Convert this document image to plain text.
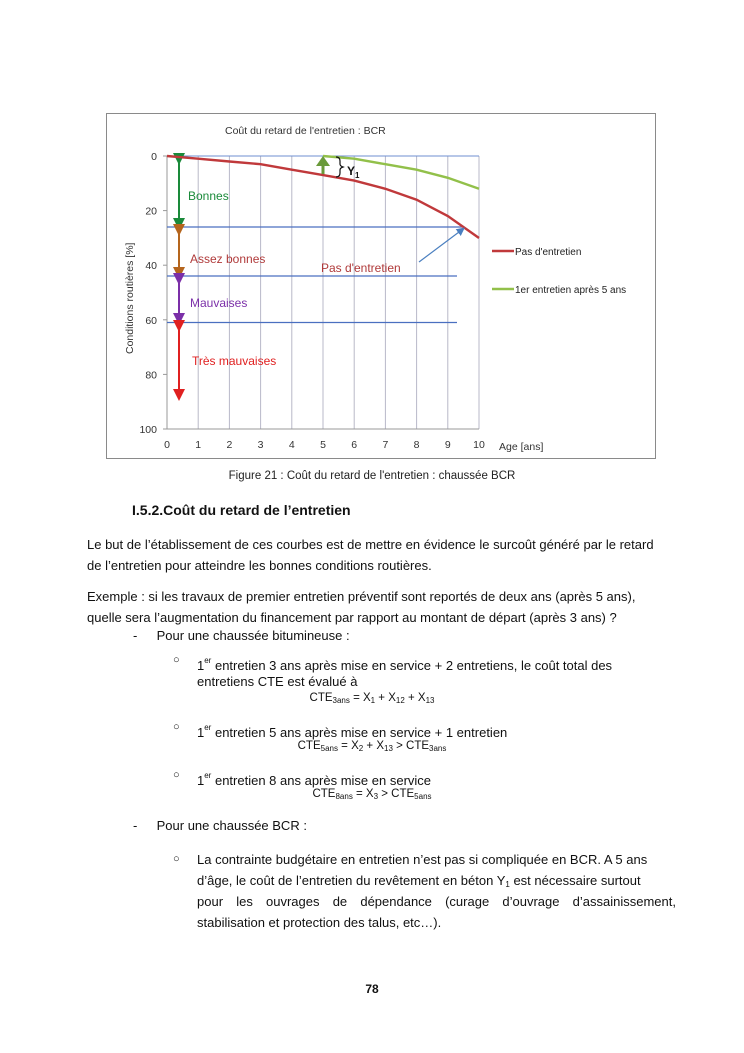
Coût du retard de l'entretien : BCR
0
20
40
60
80
100
0 1 2 3 4 5 6 7 8 9 10 Age [ans]
Conditions routières [%]
Bonnes
Assez bonnes
Mauvaises
Très mauvaises
$Y_1$
Pas d'entretien
Pas d'entretien
1er entretien après 5 ans
Figure 21 : Coût du retard de l'entretien : chaussée BCR
I.5.2.Coût du retard de l’entretien
Le but de l’établissement de ces courbes est de mettre en évidence le surcoût généré par le retard
de l’entretien pour atteindre les bonnes conditions routières.
Exemple : si les travaux de premier entretien préventif sont reportés de deux ans (après 5 ans),
quelle sera l’augmentation du financement par rapport au montant de départ (après 3 ans) ?
- Pour une chaussée bitumineuse :
○ 1er entretien 3 ans après mise en service + 2 entretiens, le coût total des
entretiens CTE est évalué à
$CTE_{3ans} = X_1 + X_{12} + X_{13}$
○ 1er entretien 5 ans après mise en service + 1 entretien
$CTE_{5ans} = X_2 + X_{13} > CTE_{3ans}$
○ 1er entretien 8 ans après mise en service
$CTE_{8ans} = X_3 > CTE_{5ans}$
- Pour une chaussée BCR :
○ La contrainte budgétaire en entretien n’est pas si compliquée en BCR. A 5 ans
d’âge, le coût de l’entretien du revêtement en béton $Y_1$ est nécessaire surtout
pour les ouvrages de dépendance (curage d’ouvrage d’assainissement,
stabilisation et protection des talus, etc…).
78
